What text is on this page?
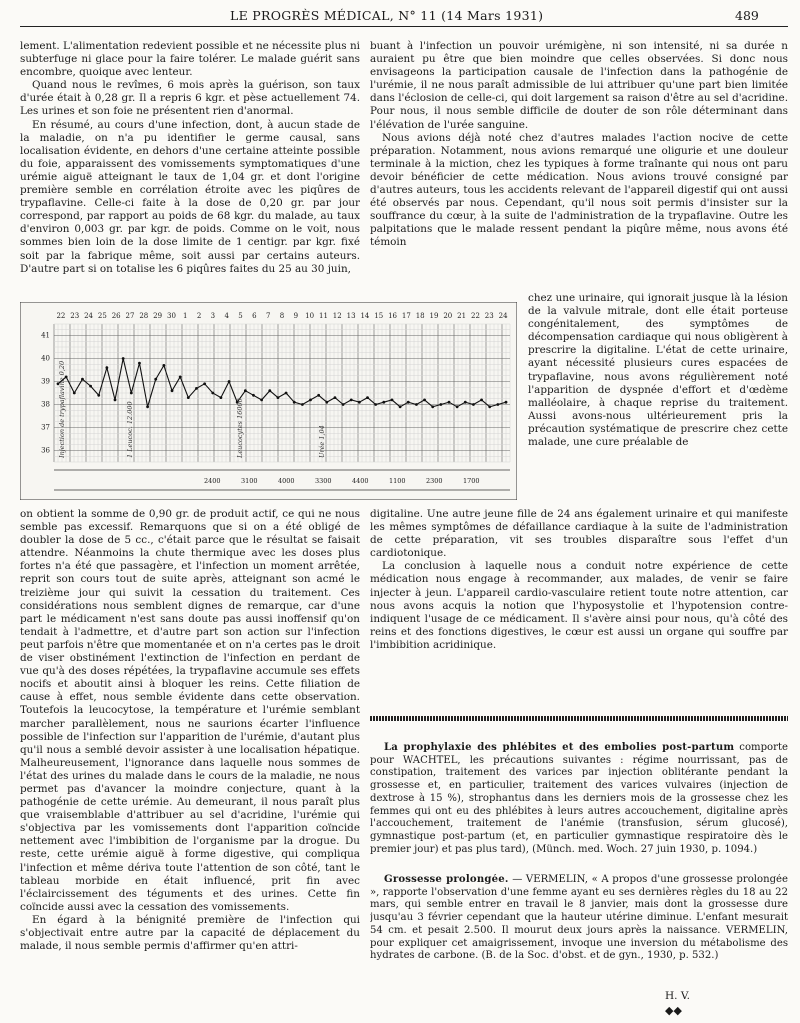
LE PROGRÈS MÉDICAL, N° 11 (14 Mars 1931)	489

lement. L'alimentation redevient possible et ne nécessite plus ni subterfuge ni glace pour la faire tolérer. Le malade guérit sans encombre, quoique avec lenteur.

Quand nous le revîmes, 6 mois après la guérison, son taux d'urée était à 0,28 gr. Il a repris 6 kgr. et pèse actuellement 74. Les urines et son foie ne présentent rien d'anormal.

En résumé, au cours d'une infection, dont, à aucun stade de la maladie, on n'a pu identifier le germe causal, sans localisation évidente, en dehors d'une certaine atteinte possible du foie, apparaissent des vomissements symptomatiques d'une urémie aiguë atteignant le taux de 1,04 gr. et dont l'origine première semble en corrélation étroite avec les piqûres de trypaflavine. Celle-ci faite à la dose de 0,20 gr. par jour correspond, par rapport au poids de 68 kgr. du malade, au taux d'environ 0,003 gr. par kgr. de poids. Comme on le voit, nous sommes bien loin de la dose limite de 1 centigr. par kgr. fixé soit par la fabrique même, soit aussi par certains auteurs. D'autre part si on totalise les 6 piqûres faites du 25 au 30 juin,

buant à l'infection un pouvoir urémigène, ni son intensité, ni sa durée n auraient pu être que bien moindre que celles observées. Si donc nous envisageons la participation causale de l'infection dans la pathogénie de l'urémie, il ne nous paraît admissible de lui attribuer qu'une part bien limitée dans l'éclosion de celle-ci, qui doit largement sa raison d'être au sel d'acridine. Pour nous, il nous semble difficile de douter de son rôle déterminant dans l'élévation de l'urée sanguine.

Nous avions déjà noté chez d'autres malades l'action nocive de cette préparation. Notamment, nous avions remarqué une oligurie et une douleur terminale à la miction, chez les typiques à forme traînante qui nous ont paru devoir bénéficier de cette médication. Nous avions trouvé consigné par d'autres auteurs, tous les accidents relevant de l'appareil digestif qui ont aussi été observés par nous. Cependant, qu'il nous soit permis d'insister sur la souffrance du cœur, à la suite de l'administration de la trypaflavine. Outre les palpitations que le malade ressent pendant la piqûre même, nous avons été témoin

chez une urinaire, qui ignorait jusque là la lésion de la valvule mitrale, dont elle était porteuse congénitalement, des symptômes de décompensation cardiaque qui nous obligèrent à prescrire la digitaline. L'état de cette urinaire, ayant nécessité plusieurs cures espacées de trypaflavine, nous avons régulièrement noté l'apparition de dyspnée d'effort et d'œdème malléolaire, à chaque reprise du traitement. Aussi avons-nous ultérieurement pris la précaution systématique de prescrire chez cette malade, une cure préalable de

22 23 24 25 26 27 28 29 30 1 2 3 4 5 6 7 8 9 10 11 12 13 14 15 16 17 18 19 20 21 22 23 24
41
40
39
38
37
36 Injection de trypaflavine 0,20	1 Leucoc. 12.000	Leucocytes 16000	Urée 1,04
2400	3100	4000	3300	4400	1100	2300	1700

digitaline. Une autre jeune fille de 24 ans également urinaire et qui manifeste les mêmes symptômes de défaillance cardiaque à la suite de l'administration de cette préparation, vit ses troubles disparaître sous l'effet d'un cardiotonique.

La conclusion à laquelle nous a conduit notre expérience de cette médication nous engage à recommander, aux malades, de venir se faire injecter à jeun. L'appareil cardio-vasculaire retient toute notre attention, car nous avons acquis la notion que l'hyposystolie et l'hypotension contre-indiquent l'usage de ce médicament. Il s'avère ainsi pour nous, qu'à côté des reins et des fonctions digestives, le cœur est aussi un organe qui souffre par l'imbibition acridinique.

on obtient la somme de 0,90 gr. de produit actif, ce qui ne nous semble pas excessif. Remarquons que si on a été obligé de doubler la dose de 5 cc., c'était parce que le résultat se faisait attendre. Néanmoins la chute thermique avec les doses plus fortes n'a été que passagère, et l'infection un moment arrêtée, reprit son cours tout de suite après, atteignant son acmé le treizième jour qui suivit la cessation du traitement. Ces considérations nous semblent dignes de remarque, car d'une part le médicament n'est sans doute pas aussi inoffensif qu'on tendait à l'admettre, et d'autre part son action sur l'infection peut parfois n'être que momentanée et on n'a certes pas le droit de viser obstinément l'extinction de l'infection en perdant de vue qu'à des doses répétées, la trypaflavine accumule ses effets nocifs et aboutit ainsi à bloquer les reins. Cette filiation de cause à effet, nous semble évidente dans cette observation. Toutefois la leucocytose, la température et l'urémie semblant marcher parallèlement, nous ne saurions écarter l'influence possible de l'infection sur l'apparition de l'urémie, d'autant plus qu'il nous a semblé devoir assister à une localisation hépatique. Malheureusement, l'ignorance dans laquelle nous sommes de l'état des urines du malade dans le cours de la maladie, ne nous permet pas d'avancer la moindre conjecture, quant à la pathogénie de cette urémie. Au demeurant, il nous paraît plus que vraisemblable d'attribuer au sel d'acridine, l'urémie qui s'objectiva par les vomissements dont l'apparition coïncide nettement avec l'imbibition de l'organisme par la drogue. Du reste, cette urémie aiguë à forme digestive, qui compliqua l'infection et même dériva toute l'attention de son côté, tant le tableau morbide en était influencé, prit fin avec l'éclaircissement des téguments et des urines. Cette fin coïncide aussi avec la cessation des vomissements.

En égard à la bénignité première de l'infection qui s'objectivait entre autre par la capacité de déplacement du malade, il nous semble permis d'affirmer qu'en attri-

La prophylaxie des phlébites et des embolies post-partum comporte pour WACHTEL, les précautions suivantes : régime nourrissant, pas de constipation, traitement des varices par injection oblitérante pendant la grossesse et, en particulier, traitement des varices vulvaires (injection de dextrose à 15 %), strophantus dans les derniers mois de la grossesse chez les femmes qui ont eu des phlébites à leurs autres accouchement, digitaline après l'accouchement, traitement de l'anémie (transfusion, sérum glucosé), gymnastique post-partum (et, en particulier gymnastique respiratoire dès le premier jour) et pas plus tard), (Münch. med. Woch. 27 juin 1930, p. 1094.)

Grossesse prolongée. — VERMELIN, « A propos d'une grossesse prolongée », rapporte l'observation d'une femme ayant eu ses dernières règles du 18 au 22 mars, qui semble entrer en travail le 8 janvier, mais dont la grossesse dure jusqu'au 3 février cependant que la hauteur utérine diminue. L'enfant mesurait 54 cm. et pesait 2.500. Il mourut deux jours après la naissance. VERMELIN, pour expliquer cet amaigrissement, invoque une inversion du métabolisme des hydrates de carbone. (B. de la Soc. d'obst. et de gyn., 1930, p. 532.)

H. V.
◆◆
